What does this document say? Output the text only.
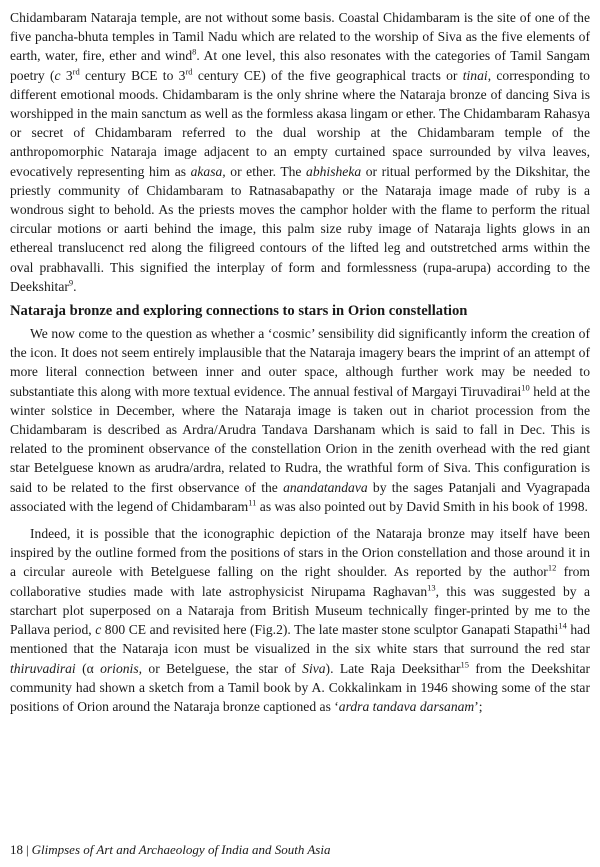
Chidambaram Nataraja temple, are not without some basis. Coastal Chidambaram is the site of one of the five pancha-bhuta temples in Tamil Nadu which are related to the worship of Siva as the five elements of earth, water, fire, ether and wind$^8$. At one level, this also resonates with the categories of Tamil Sangam poetry (c 3rd century BCE to 3rd century CE) of the five geographical tracts or tinai, corresponding to different emotional moods. Chidambaram is the only shrine where the Nataraja bronze of dancing Siva is worshipped in the main sanctum as well as the formless akasa lingam or ether. The Chidambaram Rahasya or secret of Chidambaram referred to the dual worship at the Chidambaram temple of the anthropomorphic Nataraja image adjacent to an empty curtained space surrounded by vilva leaves, evocatively representing him as akasa, or ether. The abhisheka or ritual performed by the Dikshitar, the priestly community of Chidambaram to Ratnasabapathy or the Nataraja image made of ruby is a wondrous sight to behold. As the priests moves the camphor holder with the flame to perform the ritual circular motions or aarti behind the image, this palm size ruby image of Nataraja lights glows in an ethereal translucenct red along the filigreed contours of the lifted leg and outstretched arms within the oval prabhavalli. This signified the interplay of form and formlessness (rupa-arupa) according to the Deekshitar$^9$.

Nataraja bronze and exploring connections to stars in Orion constellation

We now come to the question as whether a ‘cosmic’ sensibility did significantly inform the creation of the icon. It does not seem entirely implausible that the Nataraja imagery bears the imprint of an attempt of more literal connection between inner and outer space, although further work may be needed to substantiate this along with more textual evidence. The annual festival of Margayi Tiruvadirai$^{10}$ held at the winter solstice in December, where the Nataraja image is taken out in chariot procession from the Chidambaram is described as Ardra/Arudra Tandava Darshanam which is said to fall in Dec. This is related to the prominent observance of the constellation Orion in the zenith overhead with the red giant star Betelguese known as arudra/ardra, related to Rudra, the wrathful form of Siva. This configuration is said to be related to the first observance of the anandatandava by the sages Patanjali and Vyagrapada associated with the legend of Chidambaram$^{11}$ as was also pointed out by David Smith in his book of 1998.

Indeed, it is possible that the iconographic depiction of the Nataraja bronze may itself have been inspired by the outline formed from the positions of stars in the Orion constellation and those around it in a circular aureole with Betelguese falling on the right shoulder. As reported by the author$^{12}$ from collaborative studies made with late astrophysicist Nirupama Raghavan$^{13}$, this was suggested by a starchart plot superposed on a Nataraja from British Museum technically finger-printed by me to the Pallava period, c 800 CE and revisited here (Fig.2). The late master stone sculptor Ganapati Stapathi$^{14}$ had mentioned that the Nataraja icon must be visualized in the six white stars that surround the red star thiruvadirai (α orionis, or Betelguese, the star of Siva). Late Raja Deeksithar$^{15}$ from the Deekshitar community had shown a sketch from a Tamil book by A. Cokkalinkam in 1946 showing some of the star positions of Orion around the Nataraja bronze captioned as ‘ardra tandava darsanam’;

18 | Glimpses of Art and Archaeology of India and South Asia
